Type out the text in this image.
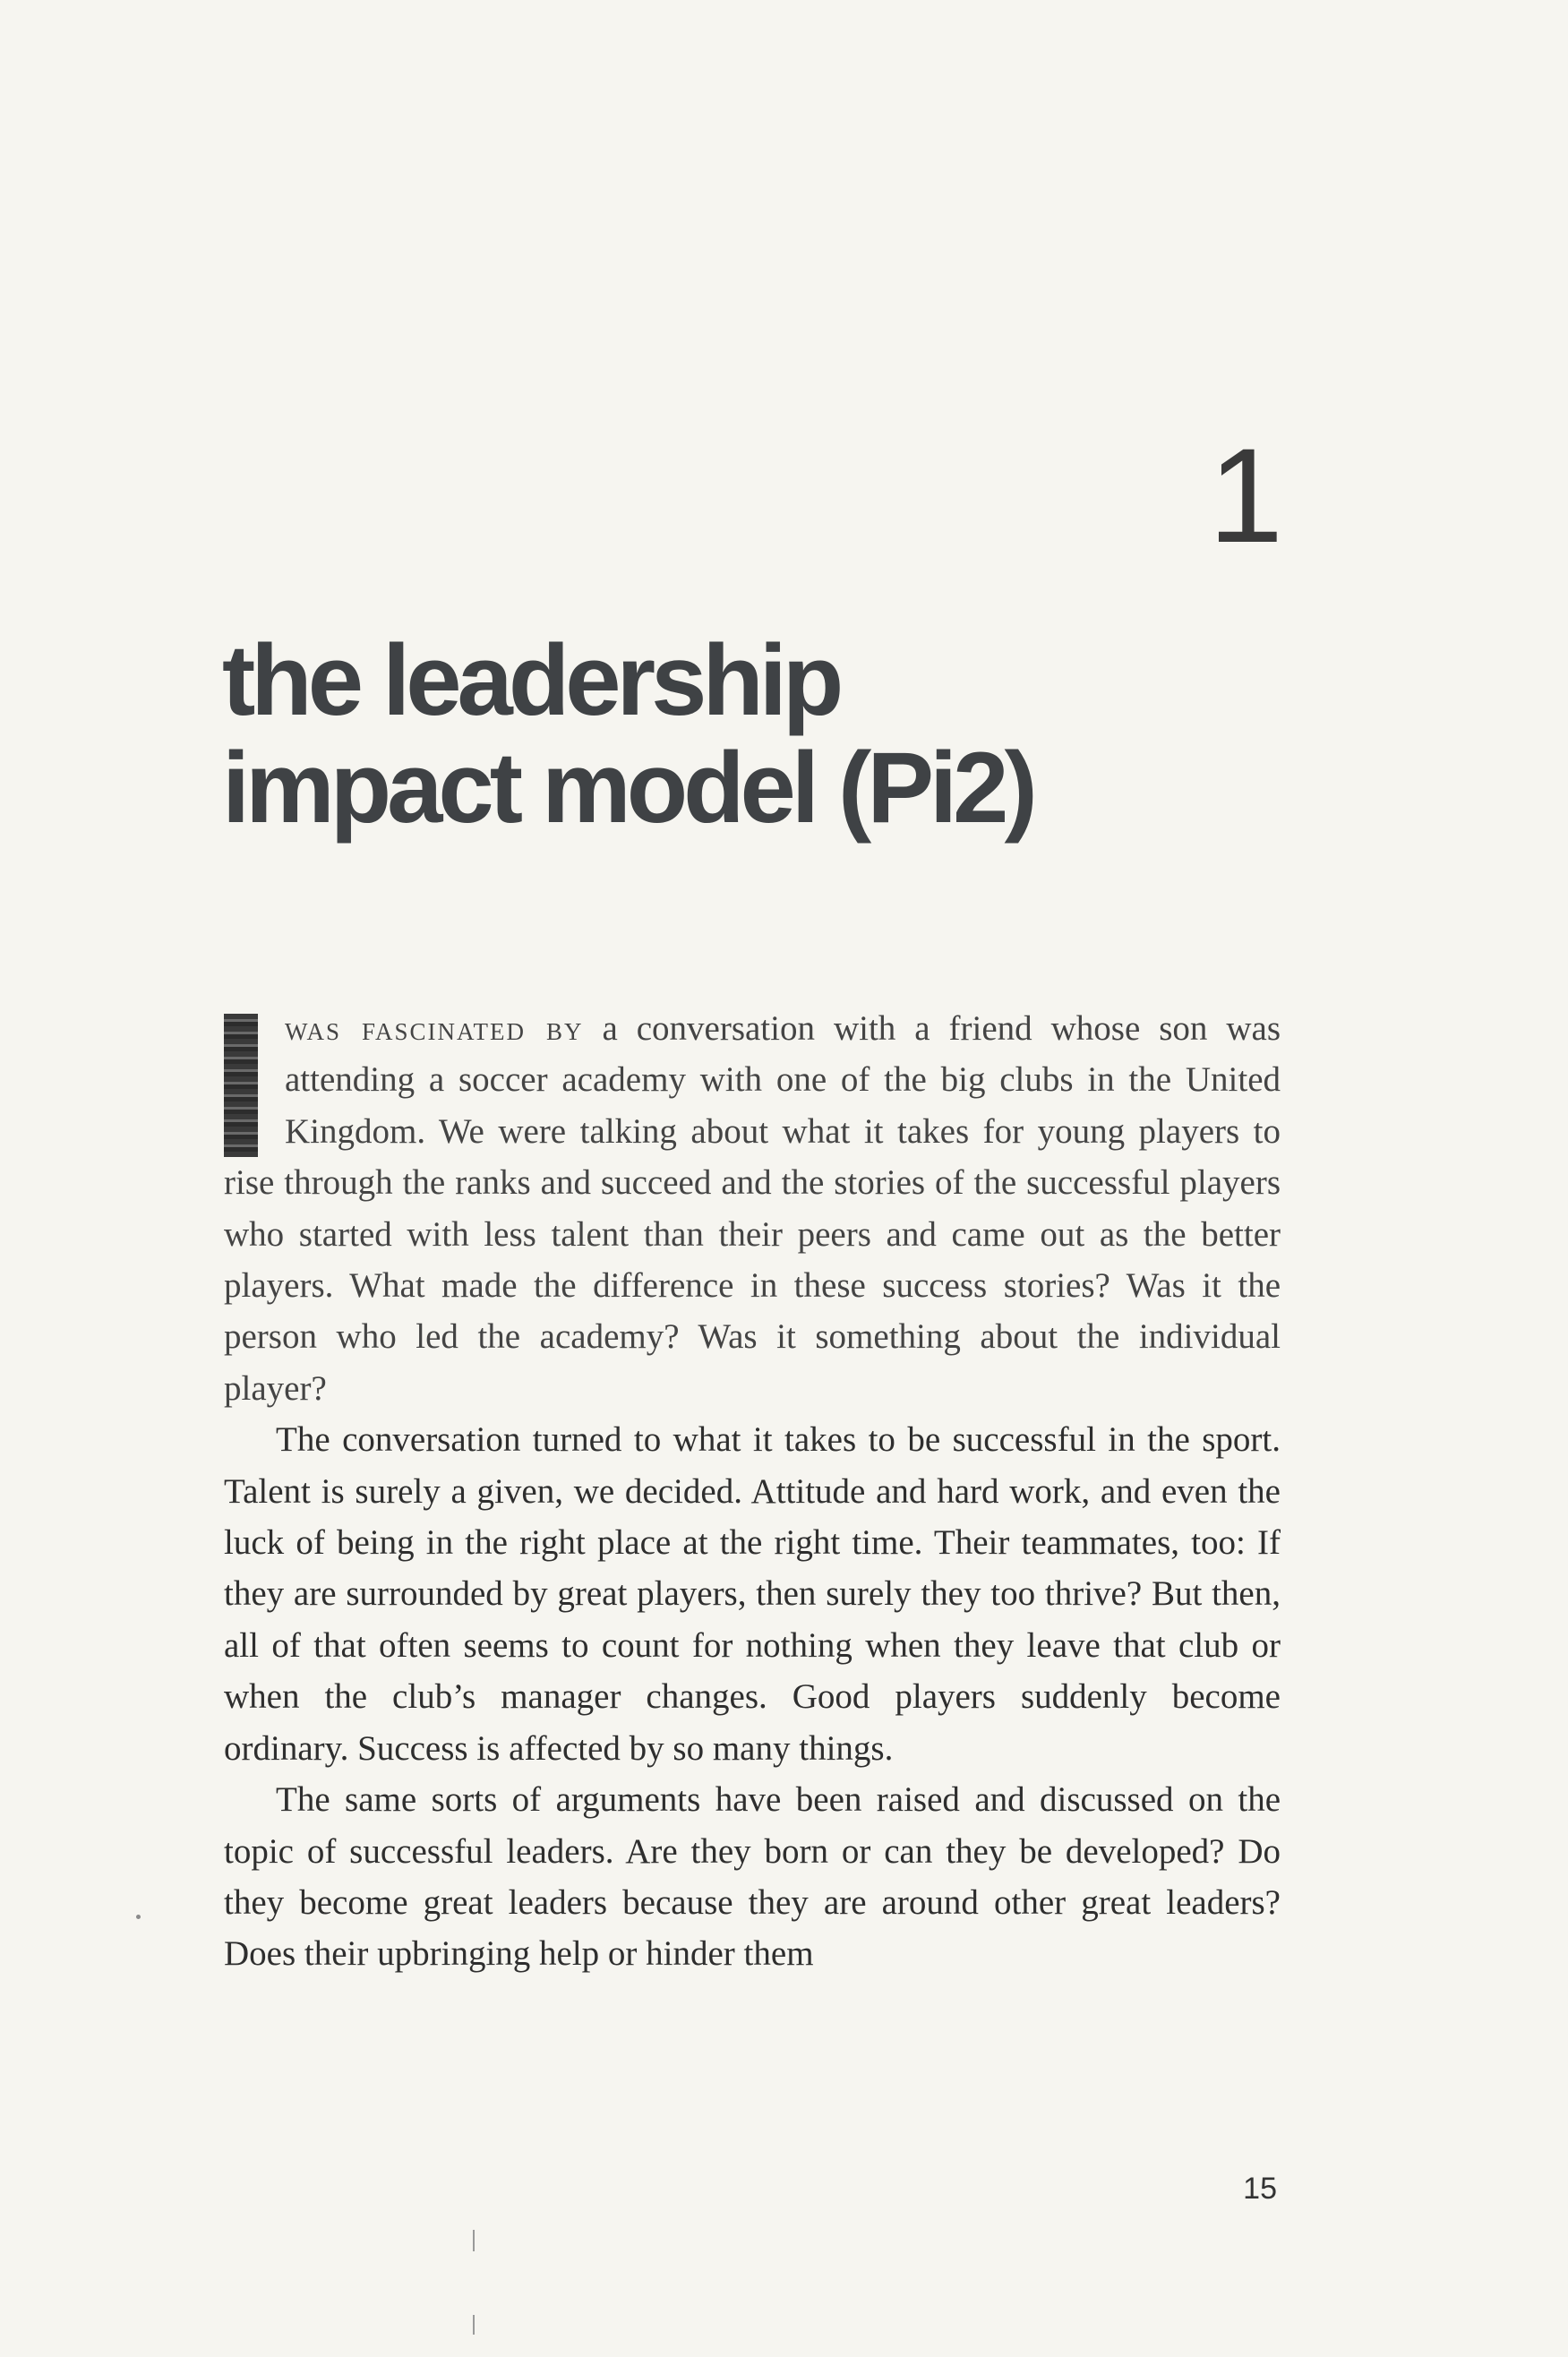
1
the leadership
impact model (Pi2)

was fascinated by a conversation with a friend whose son was attending a soccer academy with one of the big clubs in the United Kingdom. We were talking about what it takes for young players to rise through the ranks and succeed and the stories of the successful players who started with less talent than their peers and came out as the better players. What made the difference in these success stories? Was it the person who led the academy? Was it something about the individual player?

The conversation turned to what it takes to be successful in the sport. Talent is surely a given, we decided. Attitude and hard work, and even the luck of being in the right place at the right time. Their teammates, too: If they are surrounded by great players, then surely they too thrive? But then, all of that often seems to count for nothing when they leave that club or when the club’s manager changes. Good players suddenly become ordinary. Success is affected by so many things.

The same sorts of arguments have been raised and discussed on the topic of successful leaders. Are they born or can they be developed? Do they become great leaders because they are around other great leaders? Does their upbringing help or hinder them

15
